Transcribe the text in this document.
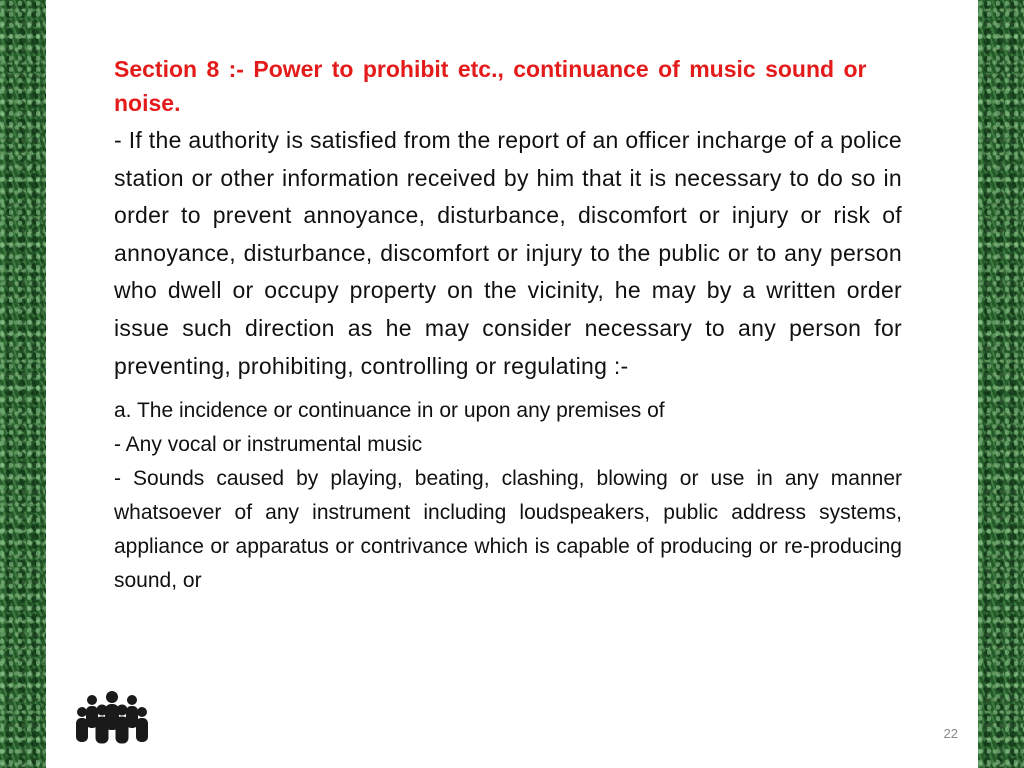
Section 8 :- Power to prohibit etc., continuance of music sound or noise.

- If the authority is satisfied from the report of an officer incharge of a police station or other information received by him that it is necessary to do so in order to prevent annoyance, disturbance, discomfort or injury or risk of annoyance, disturbance, discomfort or injury to the public or to any person who dwell or occupy property on the vicinity, he may by a written order issue such direction as he may consider necessary to any person for preventing, prohibiting, controlling or regulating :-

a. The incidence or continuance in or upon any premises of

- Any vocal or instrumental music

- Sounds caused by playing, beating, clashing, blowing or use in any manner whatsoever of any instrument including loudspeakers, public address systems, appliance or apparatus or contrivance which is capable of producing or re-producing sound, or

22
